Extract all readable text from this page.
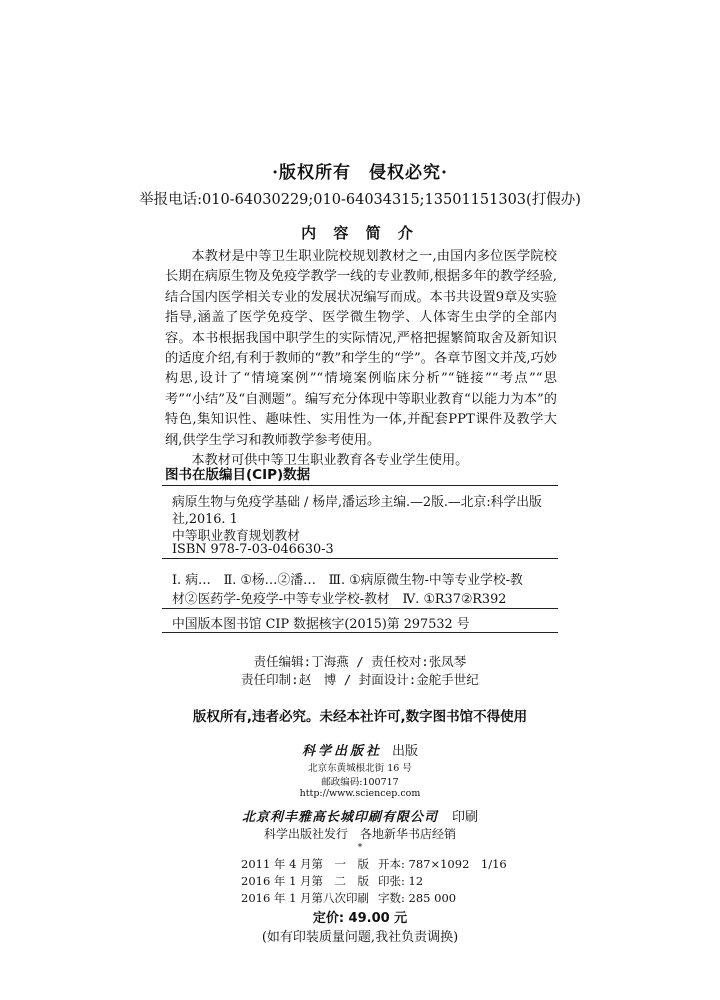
·版权所有　侵权必究·
举报电话:010-64030229;010-64034315;13501151303(打假办)
内 容 简 介

本教材是中等卫生职业院校规划教材之一,由国内多位医学院校长期在病原生物及免疫学教学一线的专业教师,根据多年的教学经验,结合国内医学相关专业的发展状况编写而成。本书共设置9章及实验指导,涵盖了医学免疫学、医学微生物学、人体寄生虫学的全部内容。本书根据我国中职学生的实际情况,严格把握繁简取舍及新知识的适度介绍,有利于教师的“教”和学生的“学”。各章节图文并茂,巧妙构思,设计了“情境案例”“情境案例临床分析”“链接”“考点”“思考”“小结”及“自测题”。编写充分体现中等职业教育“以能力为本”的特色,集知识性、趣味性、实用性为一体,并配套PPT课件及教学大纲,供学生学习和教师教学参考使用。

本教材可供中等卫生职业教育各专业学生使用。

图书在版编目(CIP)数据
病原生物与免疫学基础 / 杨岸,潘运珍主编.—2版.—北京:科学出版
社,2016. 1
中等职业教育规划教材
ISBN 978-7-03-046630-3
Ⅰ. 病…　Ⅱ. ①杨…②潘…　Ⅲ. ①病原微生物-中等专业学校-教
材②医药学-免疫学-中等专业学校-教材　Ⅳ. ①R37②R392
中国版本图书馆 CIP 数据核字(2015)第 297532 号
责任编辑:丁海燕 / 责任校对:张凤琴
责任印制:赵　博 / 封面设计:金舵手世纪
版权所有,违者必究。未经本社许可,数字图书馆不得使用
科学出版社 出版
北京东黄城根北街 16 号
邮政编码:100717
http://www.sciencep.com
北京利丰雅高长城印刷有限公司 印刷
科学出版社发行　各地新华书店经销
*
2011 年 4 月第　一　版 开本: 787×1092　1/16
2016 年 1 月第　二　版 印张: 12
2016 年 1 月第八次印刷 字数: 285 000
定价: 49.00 元
(如有印装质量问题,我社负责调换)
